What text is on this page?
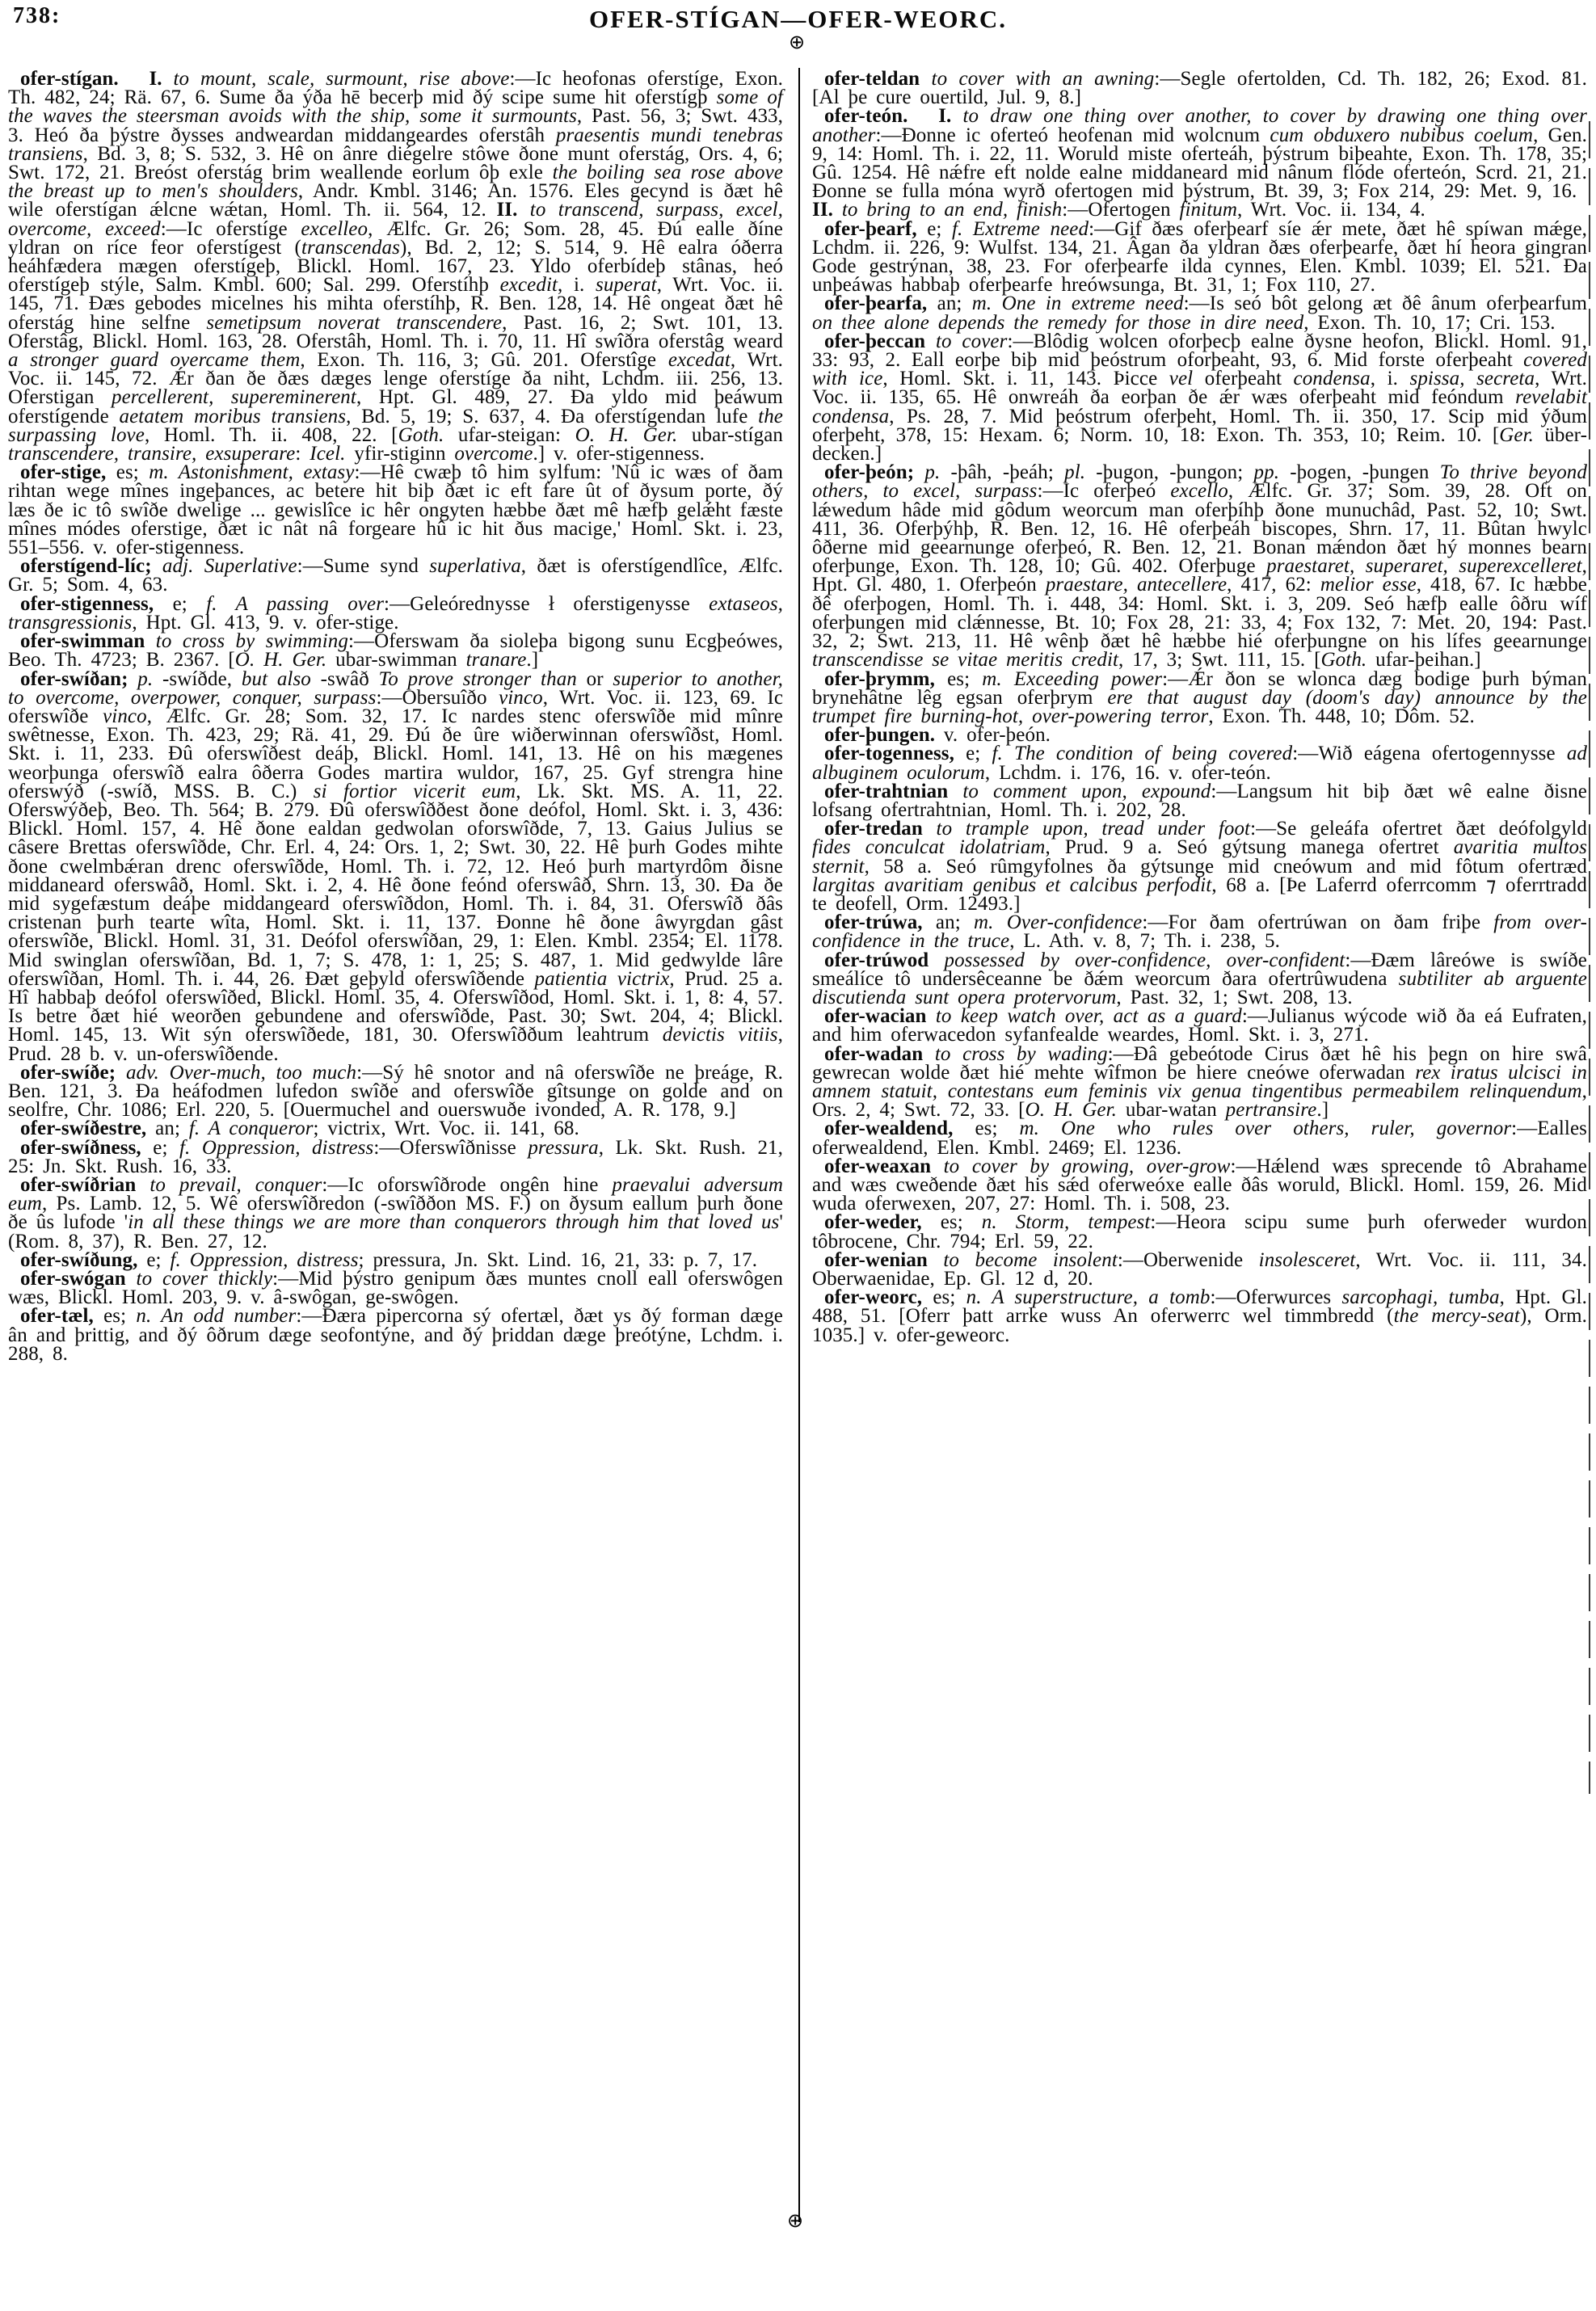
738:	OFER-STÍGAN—OFER-WEORC.
⊕
⊕

ofer-stígan.  I. to mount, scale, surmount, rise above:—Ic heofonas oferstíge, Exon. Th. 482, 24; Rä. 67, 6. Sume ða ýða hē becerþ mid ðý scipe sume hit oferstígþ some of the waves the steersman avoids with the ship, some it surmounts, Past. 56, 3; Swt. 433, 3. Heó ða þýstre ðysses andweardan middangeardes oferstâh praesentis mundi tenebras transiens, Bd. 3, 8; S. 532, 3. Hê on ânre diégelre stôwe ðone munt oferstág, Ors. 4, 6; Swt. 172, 21. Breóst oferstág brim weallende eorlum ôþ exle the boiling sea rose above the breast up to men's shoulders, Andr. Kmbl. 3146; An. 1576. Eles gecynd is ðæt hê wile oferstígan ǽlcne wǽtan, Homl. Th. ii. 564, 12. II. to transcend, surpass, excel, overcome, exceed:—Ic oferstíge excelleo, Ælfc. Gr. 26; Som. 28, 45. Ðú ealle ðíne yldran on ríce feor oferstígest (transcendas), Bd. 2, 12; S. 514, 9. Hê ealra óðerra heáhfædera mægen oferstígeþ, Blickl. Homl. 167, 23. Yldo oferbídeþ stânas, heó oferstígeþ stýle, Salm. Kmbl. 600; Sal. 299. Oferstíhþ excedit, i. superat, Wrt. Voc. ii. 145, 71. Ðæs gebodes micelnes his mihta oferstíhþ, R. Ben. 128, 14. Hê ongeat ðæt hê oferstág hine selfne semetipsum noverat transcendere, Past. 16, 2; Swt. 101, 13. Oferstâg, Blickl. Homl. 163, 28. Oferstâh, Homl. Th. i. 70, 11. Hî swîðra oferstâg weard a stronger guard overcame them, Exon. Th. 116, 3; Gû. 201. Oferstîge excedat, Wrt. Voc. ii. 145, 72. Ǽr ðan ðe ðæs dæges lenge oferstíge ða niht, Lchdm. iii. 256, 13. Oferstigan percellerent, supereminerent, Hpt. Gl. 489, 27. Ða yldo mid þeáwum oferstígende aetatem moribus transiens, Bd. 5, 19; S. 637, 4. Ða oferstígendan lufe the surpassing love, Homl. Th. ii. 408, 22. [Goth. ufar-steigan: O. H. Ger. ubar-stígan transcendere, transire, exsuperare: Icel. yfir-stiginn overcome.] v. ofer-stigenness.

ofer-stige, es; m. Astonishment, extasy:—Hê cwæþ tô him sylfum: 'Nû ic wæs of ðam rihtan wege mînes ingeþances, ac betere hit biþ ðæt ic eft fare ût of ðysum porte, ðý læs ðe ic tô swîðe dwelige ... gewislîce ic hêr ongyten hæbbe ðæt mê hæfþ gelǽht fæste mînes módes oferstige, ðæt ic nât nâ forgeare hû ic hit ðus macige,' Homl. Skt. i. 23, 551–556. v. ofer-stigenness.

oferstígend-líc; adj. Superlative:—Sume synd superlativa, ðæt is oferstígendlîce, Ælfc. Gr. 5; Som. 4, 63.

ofer-stigenness, e; f. A passing over:—Geleórednysse ł oferstigenysse extaseos, transgressionis, Hpt. Gl. 413, 9. v. ofer-stige.

ofer-swimman to cross by swimming:—Oferswam ða sioleþa bigong sunu Ecgþeówes, Beo. Th. 4723; B. 2367. [O. H. Ger. ubar-swimman tranare.]

ofer-swíðan; p. -swíðde, but also -swâð To prove stronger than or superior to another, to overcome, overpower, conquer, surpass:—Obersuîðo vinco, Wrt. Voc. ii. 123, 69. Ic oferswîðe vinco, Ælfc. Gr. 28; Som. 32, 17. Ic nardes stenc oferswîðe mid mînre swêtnesse, Exon. Th. 423, 29; Rä. 41, 29. Ðú ðe ûre wiðerwinnan oferswîðst, Homl. Skt. i. 11, 233. Ðû oferswîðest deáþ, Blickl. Homl. 141, 13. Hê on his mægenes weorþunga oferswîð ealra ôðerra Godes martira wuldor, 167, 25. Gyf strengra hine oferswýð (-swíð, MSS. B. C.) si fortior vicerit eum, Lk. Skt. MS. A. 11, 22. Oferswýðeþ, Beo. Th. 564; B. 279. Ðû oferswîððest ðone deófol, Homl. Skt. i. 3, 436: Blickl. Homl. 157, 4. Hê ðone ealdan gedwolan oforswîðde, 7, 13. Gaius Julius se câsere Brettas oferswîðde, Chr. Erl. 4, 24: Ors. 1, 2; Swt. 30, 22. Hê þurh Godes mihte ðone cwelmbǽran drenc oferswîðde, Homl. Th. i. 72, 12. Heó þurh martyrdôm ðisne middaneard oferswâð, Homl. Skt. i. 2, 4. Hê ðone feónd oferswâð, Shrn. 13, 30. Ða ðe mid sygefæstum deáþe middangeard oferswîðdon, Homl. Th. i. 84, 31. Oferswîð ðâs cristenan þurh tearte wîta, Homl. Skt. i. 11, 137. Ðonne hê ðone âwyrgdan gâst oferswîðe, Blickl. Homl. 31, 31. Deófol oferswîðan, 29, 1: Elen. Kmbl. 2354; El. 1178. Mid swinglan oferswîðan, Bd. 1, 7; S. 478, 1: 1, 25; S. 487, 1. Mid gedwylde lâre oferswîðan, Homl. Th. i. 44, 26. Ðæt geþyld oferswîðende patientia victrix, Prud. 25 a. Hî habbaþ deófol oferswîðed, Blickl. Homl. 35, 4. Oferswîðod, Homl. Skt. i. 1, 8: 4, 57. Is betre ðæt hié weorðen gebundene and oferswîðde, Past. 30; Swt. 204, 4; Blickl. Homl. 145, 13. Wit sýn oferswîðede, 181, 30. Oferswîððum leahtrum devictis vitiis, Prud. 28 b. v. un-oferswîðende.

ofer-swíðe; adv. Over-much, too much:—Sý hê snotor and nâ oferswîðe ne þreáge, R. Ben. 121, 3. Ða heáfodmen lufedon swîðe and oferswîðe gîtsunge on golde and on seolfre, Chr. 1086; Erl. 220, 5. [Ouermuchel and ouerswuðe ivonded, A. R. 178, 9.]

ofer-swíðestre, an; f. A conqueror; victrix, Wrt. Voc. ii. 141, 68.

ofer-swíðness, e; f. Oppression, distress:—Oferswîðnisse pressura, Lk. Skt. Rush. 21, 25: Jn. Skt. Rush. 16, 33.

ofer-swíðrian to prevail, conquer:—Ic oforswîðrode ongên hine praevalui adversum eum, Ps. Lamb. 12, 5. Wê oferswîðredon (-swîððon MS. F.) on ðysum eallum þurh ðone ðe ûs lufode 'in all these things we are more than conquerors through him that loved us' (Rom. 8, 37), R. Ben. 27, 12.

ofer-swíðung, e; f. Oppression, distress; pressura, Jn. Skt. Lind. 16, 21, 33: p. 7, 17.

ofer-swógan to cover thickly:—Mid þýstro genipum ðæs muntes cnoll eall oferswôgen wæs, Blickl. Homl. 203, 9. v. â-swôgan, ge-swôgen.

ofer-tæl, es; n. An odd number:—Ðæra pipercorna sý ofertæl, ðæt ys ðý forman dæge ân and þrittig, and ðý ôðrum dæge seofontýne, and ðý þriddan dæge þreótýne, Lchdm. i. 288, 8.

ofer-teldan to cover with an awning:—Segle ofertolden, Cd. Th. 182, 26; Exod. 81. [Al þe cure ouertild, Jul. 9, 8.]

ofer-teón.  I. to draw one thing over another, to cover by drawing one thing over another:—Ðonne ic oferteó heofenan mid wolcnum cum obduxero nubibus coelum, Gen. 9, 14: Homl. Th. i. 22, 11. Woruld miste oferteáh, þýstrum biþeahte, Exon. Th. 178, 35; Gû. 1254. Hê nǽfre eft nolde ealne middaneard mid nânum flóde oferteón, Scrd. 21, 21. Ðonne se fulla móna wyrð ofertogen mid þýstrum, Bt. 39, 3; Fox 214, 29: Met. 9, 16. II. to bring to an end, finish:—Ofertogen finitum, Wrt. Voc. ii. 134, 4.

ofer-þearf, e; f. Extreme need:—Gif ðæs oferþearf síe ǽr mete, ðæt hê spíwan mǽge, Lchdm. ii. 226, 9: Wulfst. 134, 21. Âgan ða yldran ðæs oferþearfe, ðæt hí heora gingran Gode gestrýnan, 38, 23. For oferþearfe ilda cynnes, Elen. Kmbl. 1039; El. 521. Ða unþeáwas habbaþ oferþearfe hreówsunga, Bt. 31, 1; Fox 110, 27.

ofer-þearfa, an; m. One in extreme need:—Is seó bôt gelong æt ðê ânum oferþearfum on thee alone depends the remedy for those in dire need, Exon. Th. 10, 17; Cri. 153.

ofer-þeccan to cover:—Blôdig wolcen oforþecþ ealne ðysne heofon, Blickl. Homl. 91, 33: 93, 2. Eall eorþe biþ mid þeóstrum oforþeaht, 93, 6. Mid forste oferþeaht covered with ice, Homl. Skt. i. 11, 143. Þicce vel oferþeaht condensa, i. spissa, secreta, Wrt. Voc. ii. 135, 65. Hê onwreáh ða eorþan ðe ǽr wæs oferþeaht mid feóndum revelabit condensa, Ps. 28, 7. Mid þeóstrum oferþeht, Homl. Th. ii. 350, 17. Scip mid ýðum oferþeht, 378, 15: Hexam. 6; Norm. 10, 18: Exon. Th. 353, 10; Reim. 10. [Ger. über-decken.]

ofer-þeón; p. -þâh, -þeáh; pl. -þugon, -þungon; pp. -þogen, -þungen To thrive beyond others, to excel, surpass:—Ic oferþeó excello, Ælfc. Gr. 37; Som. 39, 28. Oft on lǽwedum hâde mid gôdum weorcum man oferþíhþ ðone munuchâd, Past. 52, 10; Swt. 411, 36. Oferþýhþ, R. Ben. 12, 16. Hê oferþeáh biscopes, Shrn. 17, 11. Bûtan hwylc ôðerne mid geearnunge oferþeó, R. Ben. 12, 21. Bonan mǽndon ðæt hý monnes bearn oferþunge, Exon. Th. 128, 10; Gû. 402. Oferþuge praestaret, superaret, superexcelleret, Hpt. Gl. 480, 1. Oferþeón praestare, antecellere, 417, 62: melior esse, 418, 67. Ic hæbbe ðê oferþogen, Homl. Th. i. 448, 34: Homl. Skt. i. 3, 209. Seó hæfþ ealle ôðru wíf oferþungen mid clǽnnesse, Bt. 10; Fox 28, 21: 33, 4; Fox 132, 7: Met. 20, 194: Past. 32, 2; Swt. 213, 11. Hê wênþ ðæt hê hæbbe hié oferþungne on his lífes geearnunge transcendisse se vitae meritis credit, 17, 3; Swt. 111, 15. [Goth. ufar-þeihan.]

ofer-þrymm, es; m. Exceeding power:—Ǽr ðon se wlonca dæg bodige þurh býman brynehâtne lêg egsan oferþrym ere that august day (doom's day) announce by the trumpet fire burning-hot, over-powering terror, Exon. Th. 448, 10; Dôm. 52.

ofer-þungen. v. ofer-þeón.

ofer-togenness, e; f. The condition of being covered:—Wið eágena ofertogennysse ad albuginem oculorum, Lchdm. i. 176, 16. v. ofer-teón.

ofer-trahtnian to comment upon, expound:—Langsum hit biþ ðæt wê ealne ðisne lofsang ofertrahtnian, Homl. Th. i. 202, 28.

ofer-tredan to trample upon, tread under foot:—Se geleáfa ofertret ðæt deófolgyld fides conculcat idolatriam, Prud. 9 a. Seó gýtsung manega ofertret avaritia multos sternit, 58 a. Seó rûmgyfolnes ða gýtsunge mid cneówum and mid fôtum ofertræd largitas avaritiam genibus et calcibus perfodit, 68 a. [Þe Laferrd oferrcomm ⁊ oferrtradd te deofell, Orm. 12493.]

ofer-trúwa, an; m. Over-confidence:—For ðam ofertrúwan on ðam friþe from over-confidence in the truce, L. Ath. v. 8, 7; Th. i. 238, 5.

ofer-trúwod possessed by over-confidence, over-confident:—Ðæm lâreówe is swíðe smeálíce tô undersêceanne be ðǽm weorcum ðara ofertrûwudena subtiliter ab arguente discutienda sunt opera protervorum, Past. 32, 1; Swt. 208, 13.

ofer-wacian to keep watch over, act as a guard:—Julianus wýcode wið ða eá Eufraten, and him oferwacedon syfanfealde weardes, Homl. Skt. i. 3, 271.

ofer-wadan to cross by wading:—Ðâ gebeótode Cirus ðæt hê his þegn on hire swâ gewrecan wolde ðæt hié mehte wîfmon be hiere cneówe oferwadan rex iratus ulcisci in amnem statuit, contestans eum feminis vix genua tingentibus permeabilem relinquendum, Ors. 2, 4; Swt. 72, 33. [O. H. Ger. ubar-watan pertransire.]

ofer-wealdend, es; m. One who rules over others, ruler, governor:—Ealles oferwealdend, Elen. Kmbl. 2469; El. 1236.

ofer-weaxan to cover by growing, over-grow:—Hǽlend wæs sprecende tô Abrahame and wæs cweðende ðæt his sǽd oferweóxe ealle ðâs woruld, Blickl. Homl. 159, 26. Mid wuda oferwexen, 207, 27: Homl. Th. i. 508, 23.

ofer-weder, es; n. Storm, tempest:—Heora scipu sume þurh oferweder wurdon tôbrocene, Chr. 794; Erl. 59, 22.

ofer-wenian to become insolent:—Oberwenide insolesceret, Wrt. Voc. ii. 111, 34. Oberwaenidae, Ep. Gl. 12 d, 20.

ofer-weorc, es; n. A superstructure, a tomb:—Oferwurces sarcophagi, tumba, Hpt. Gl. 488, 51. [Oferr þatt arrke wuss An oferwerrc wel timmbredd (the mercy-seat), Orm. 1035.] v. ofer-geweorc.
